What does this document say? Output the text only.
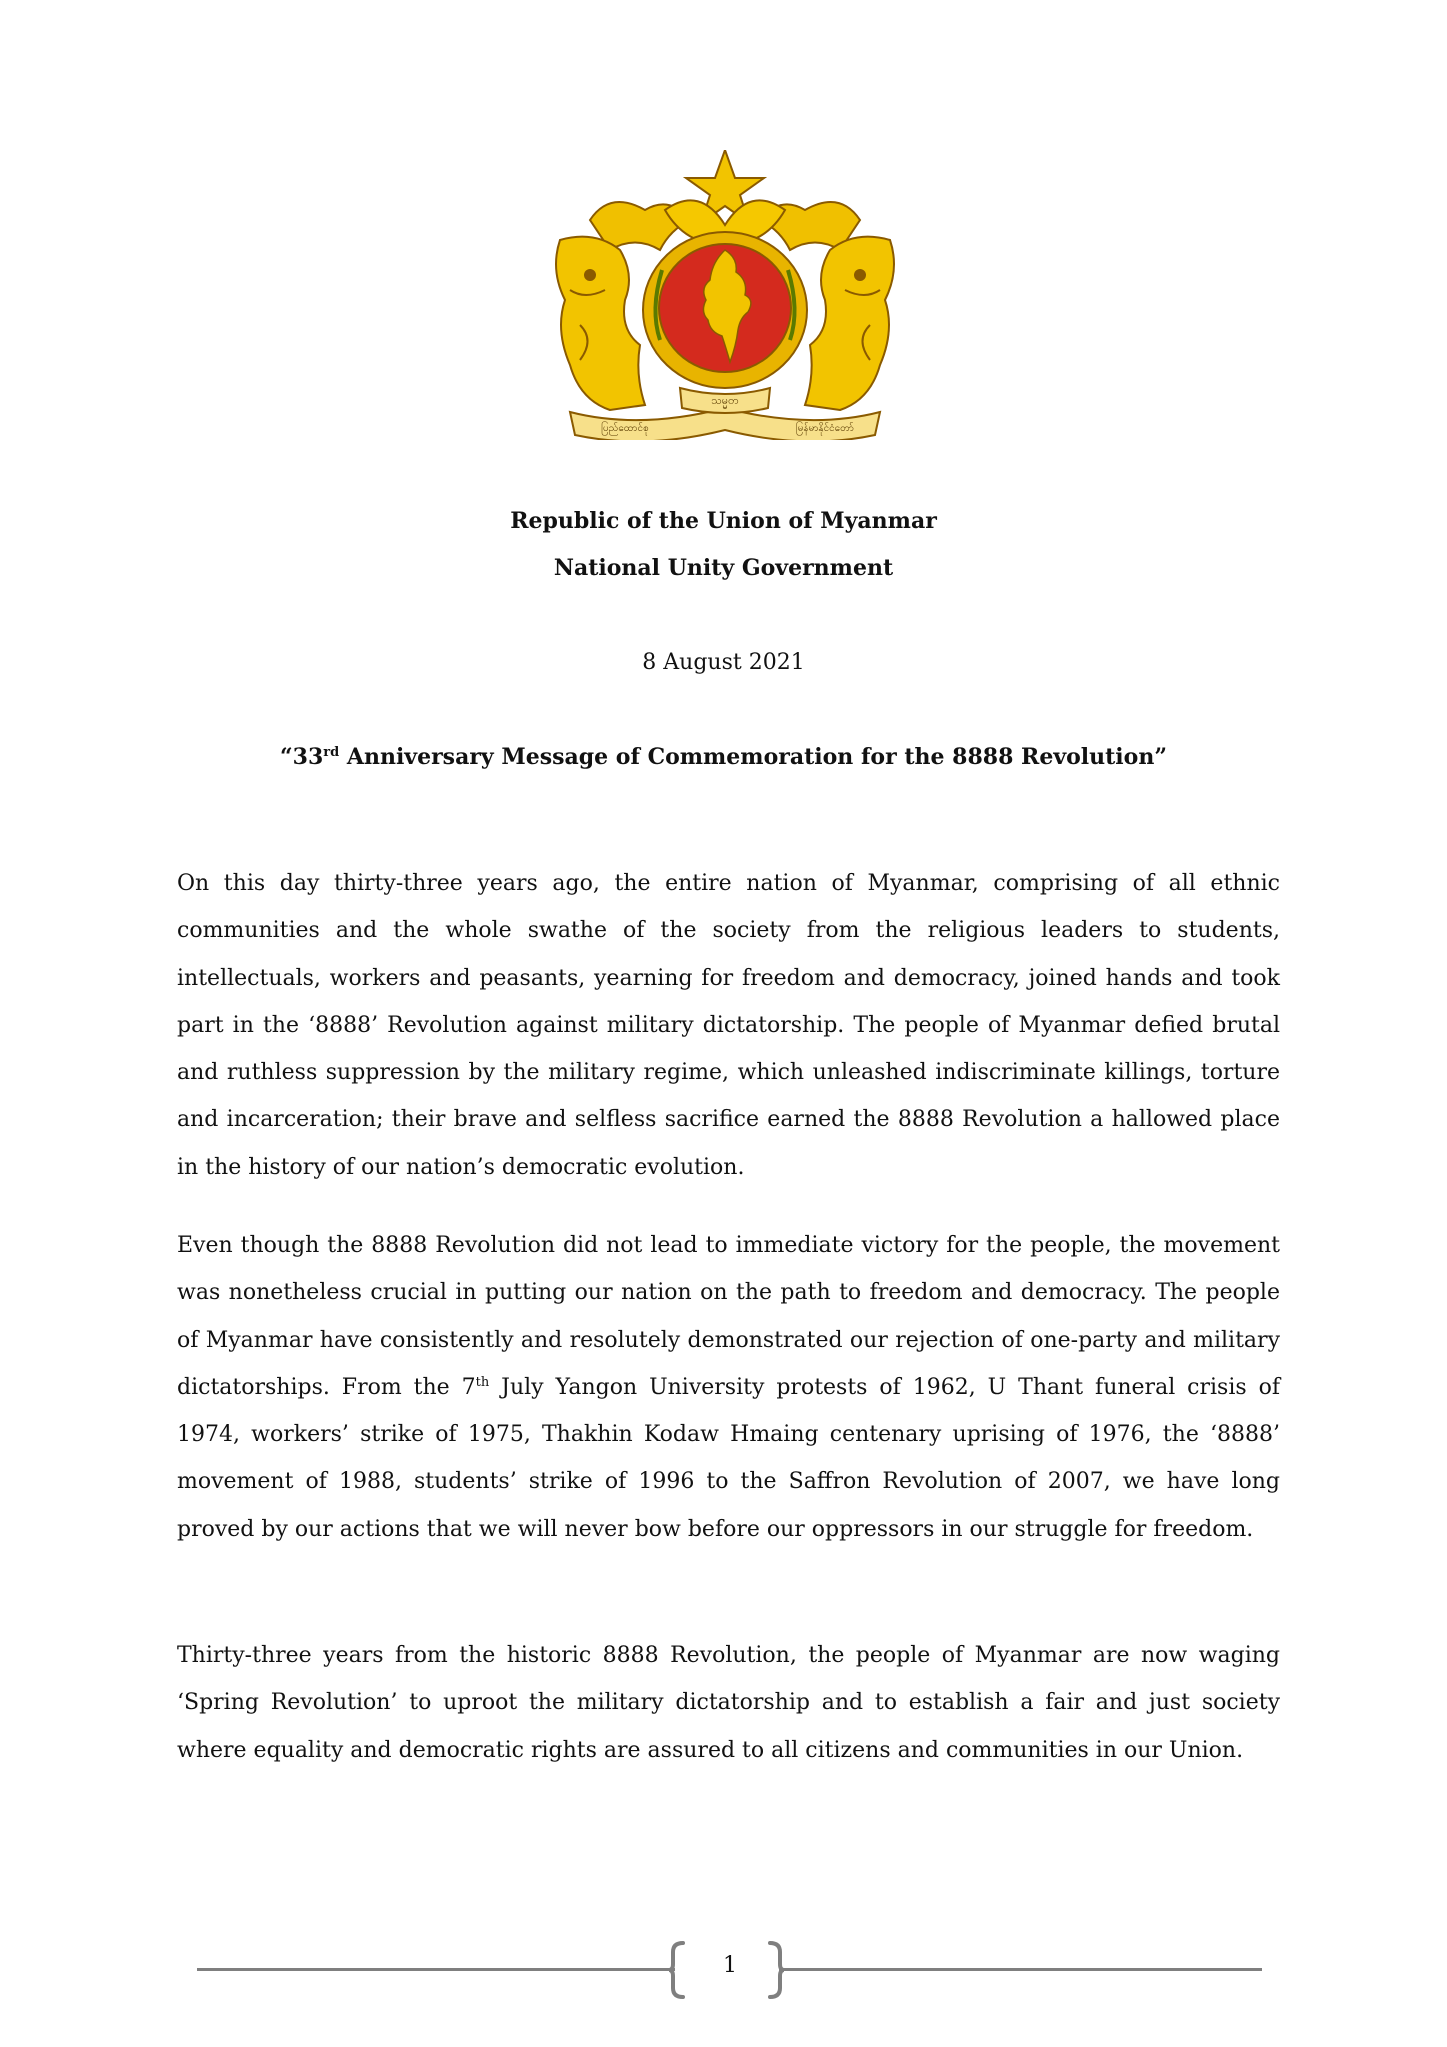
သမ္မတ
ပြည်ထောင်စု	မြန်မာနိုင်ငံတော်
Republic of the Union of Myanmar
National Unity Government
8 August 2021
“33rd Anniversary Message of Commemoration for the 8888 Revolution”
On this day thirty-three years ago, the entire nation of Myanmar, comprising of all ethnic communities and the whole swathe of the society from the religious leaders to students, intellectuals, workers and peasants, yearning for freedom and democracy, joined hands and took part in the ‘8888’ Revolution against military dictatorship. The people of Myanmar defied brutal and ruthless suppression by the military regime, which unleashed indiscriminate killings, torture and incarceration; their brave and selfless sacrifice earned the 8888 Revolution a hallowed place in the history of our nation’s democratic evolution.
Even though the 8888 Revolution did not lead to immediate victory for the people, the movement was nonetheless crucial in putting our nation on the path to freedom and democracy. The people of Myanmar have consistently and resolutely demonstrated our rejection of one-party and military dictatorships. From the 7th July Yangon University protests of 1962, U Thant funeral crisis of 1974, workers’ strike of 1975, Thakhin Kodaw Hmaing centenary uprising of 1976, the ‘8888’ movement of 1988, students’ strike of 1996 to the Saffron Revolution of 2007, we have long proved by our actions that we will never bow before our oppressors in our struggle for freedom.
Thirty-three years from the historic 8888 Revolution, the people of Myanmar are now waging ‘Spring Revolution’ to uproot the military dictatorship and to establish a fair and just society where equality and democratic rights are assured to all citizens and communities in our Union.
1
